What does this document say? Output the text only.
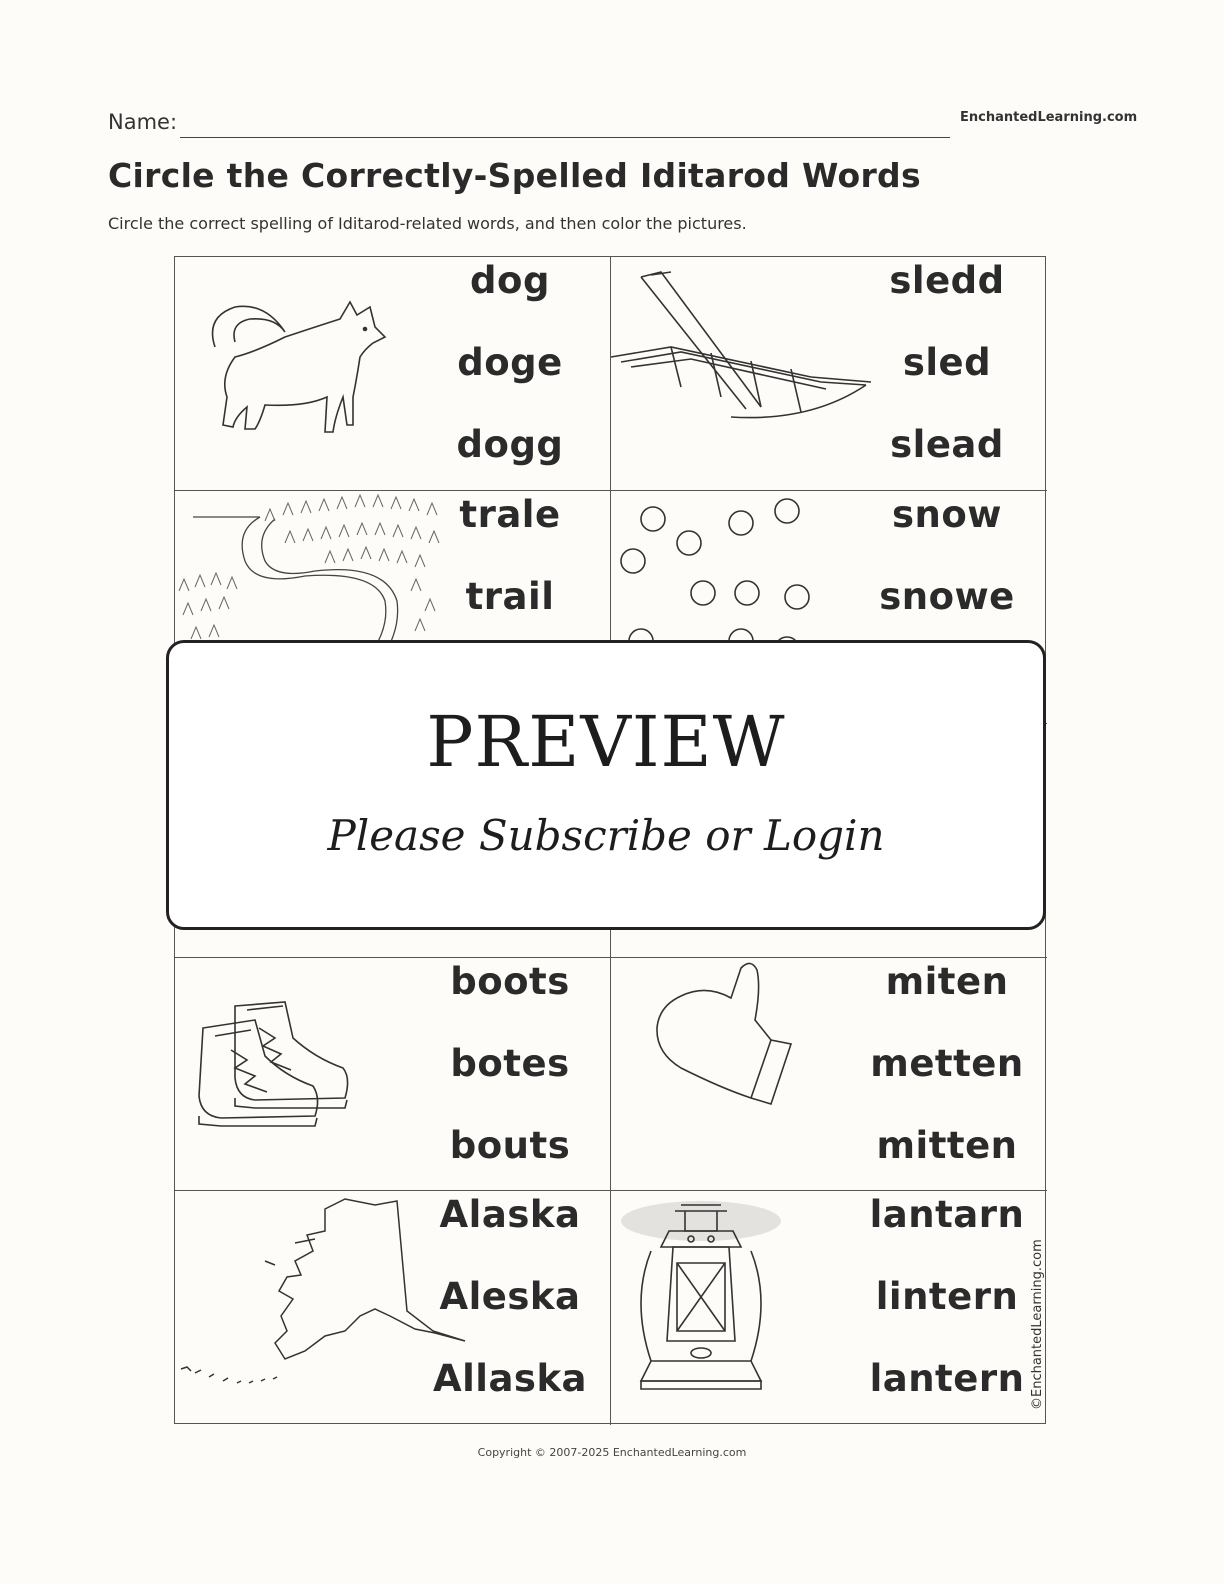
Name:	EnchantedLearning.com
Circle the Correctly-Spelled Iditarod Words
Circle the correct spelling of Iditarod-related words, and then color the pictures.
dog
doge
dogg
sledd
sled
slead
trale
trail
snow
snowe
boots
botes
bouts
miten
metten
mitten
Alaska
Aleska
Allaska
lantarn
lintern
lantern ©EnchantedLearning.com
PREVIEW
Please Subscribe or Login
Copyright © 2007-2025 EnchantedLearning.com
